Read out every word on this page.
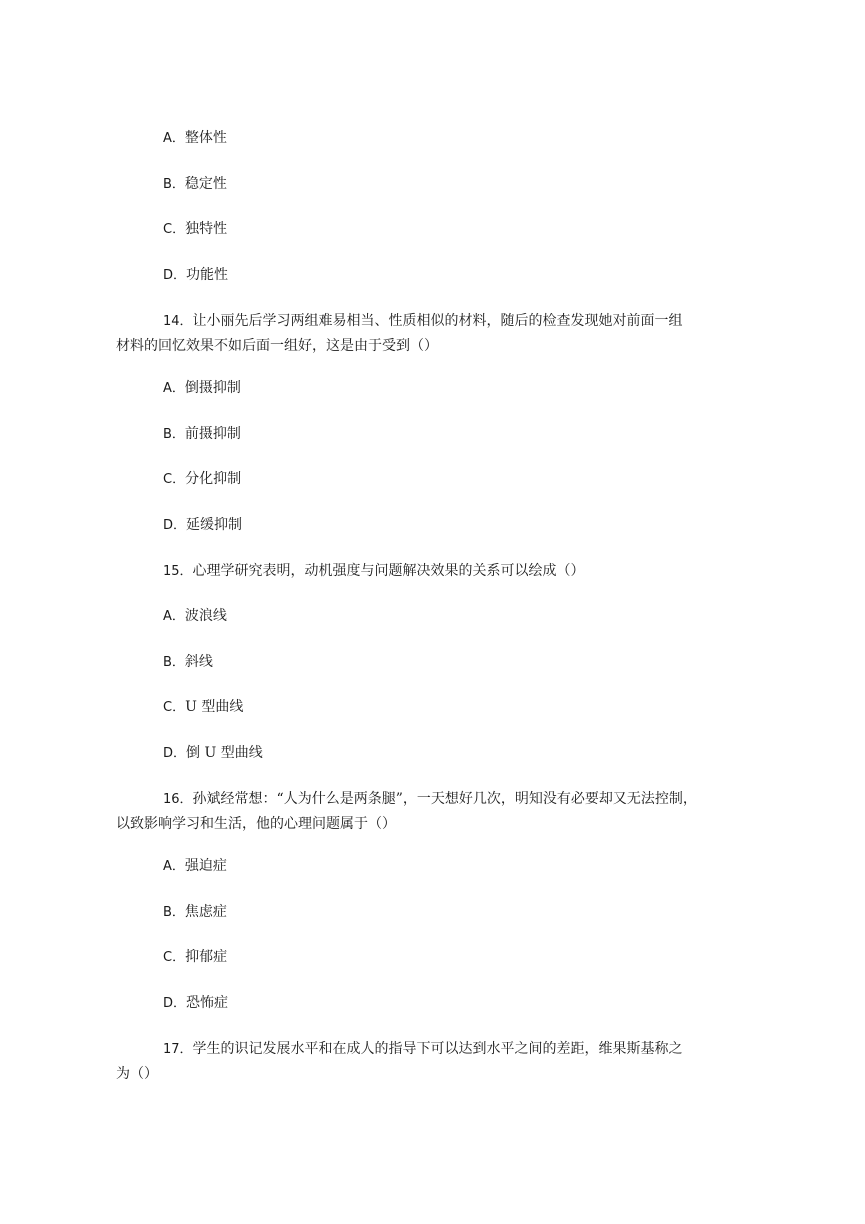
A．整体性
B．稳定性
C．独特性
D．功能性
14．让小丽先后学习两组难易相当、性质相似的材料，随后的检查发现她对前面一组
材料的回忆效果不如后面一组好，这是由于受到（）
A．倒摄抑制
B．前摄抑制
C．分化抑制
D．延缓抑制
15．心理学研究表明，动机强度与问题解决效果的关系可以绘成（）
A．波浪线
B．斜线
C．U 型曲线
D．倒 U 型曲线
16．孙斌经常想：“人为什么是两条腿”，一天想好几次，明知没有必要却又无法控制，
以致影响学习和生活，他的心理问题属于（）
A．强迫症
B．焦虑症
C．抑郁症
D．恐怖症
17．学生的识记发展水平和在成人的指导下可以达到水平之间的差距，维果斯基称之
为（）
